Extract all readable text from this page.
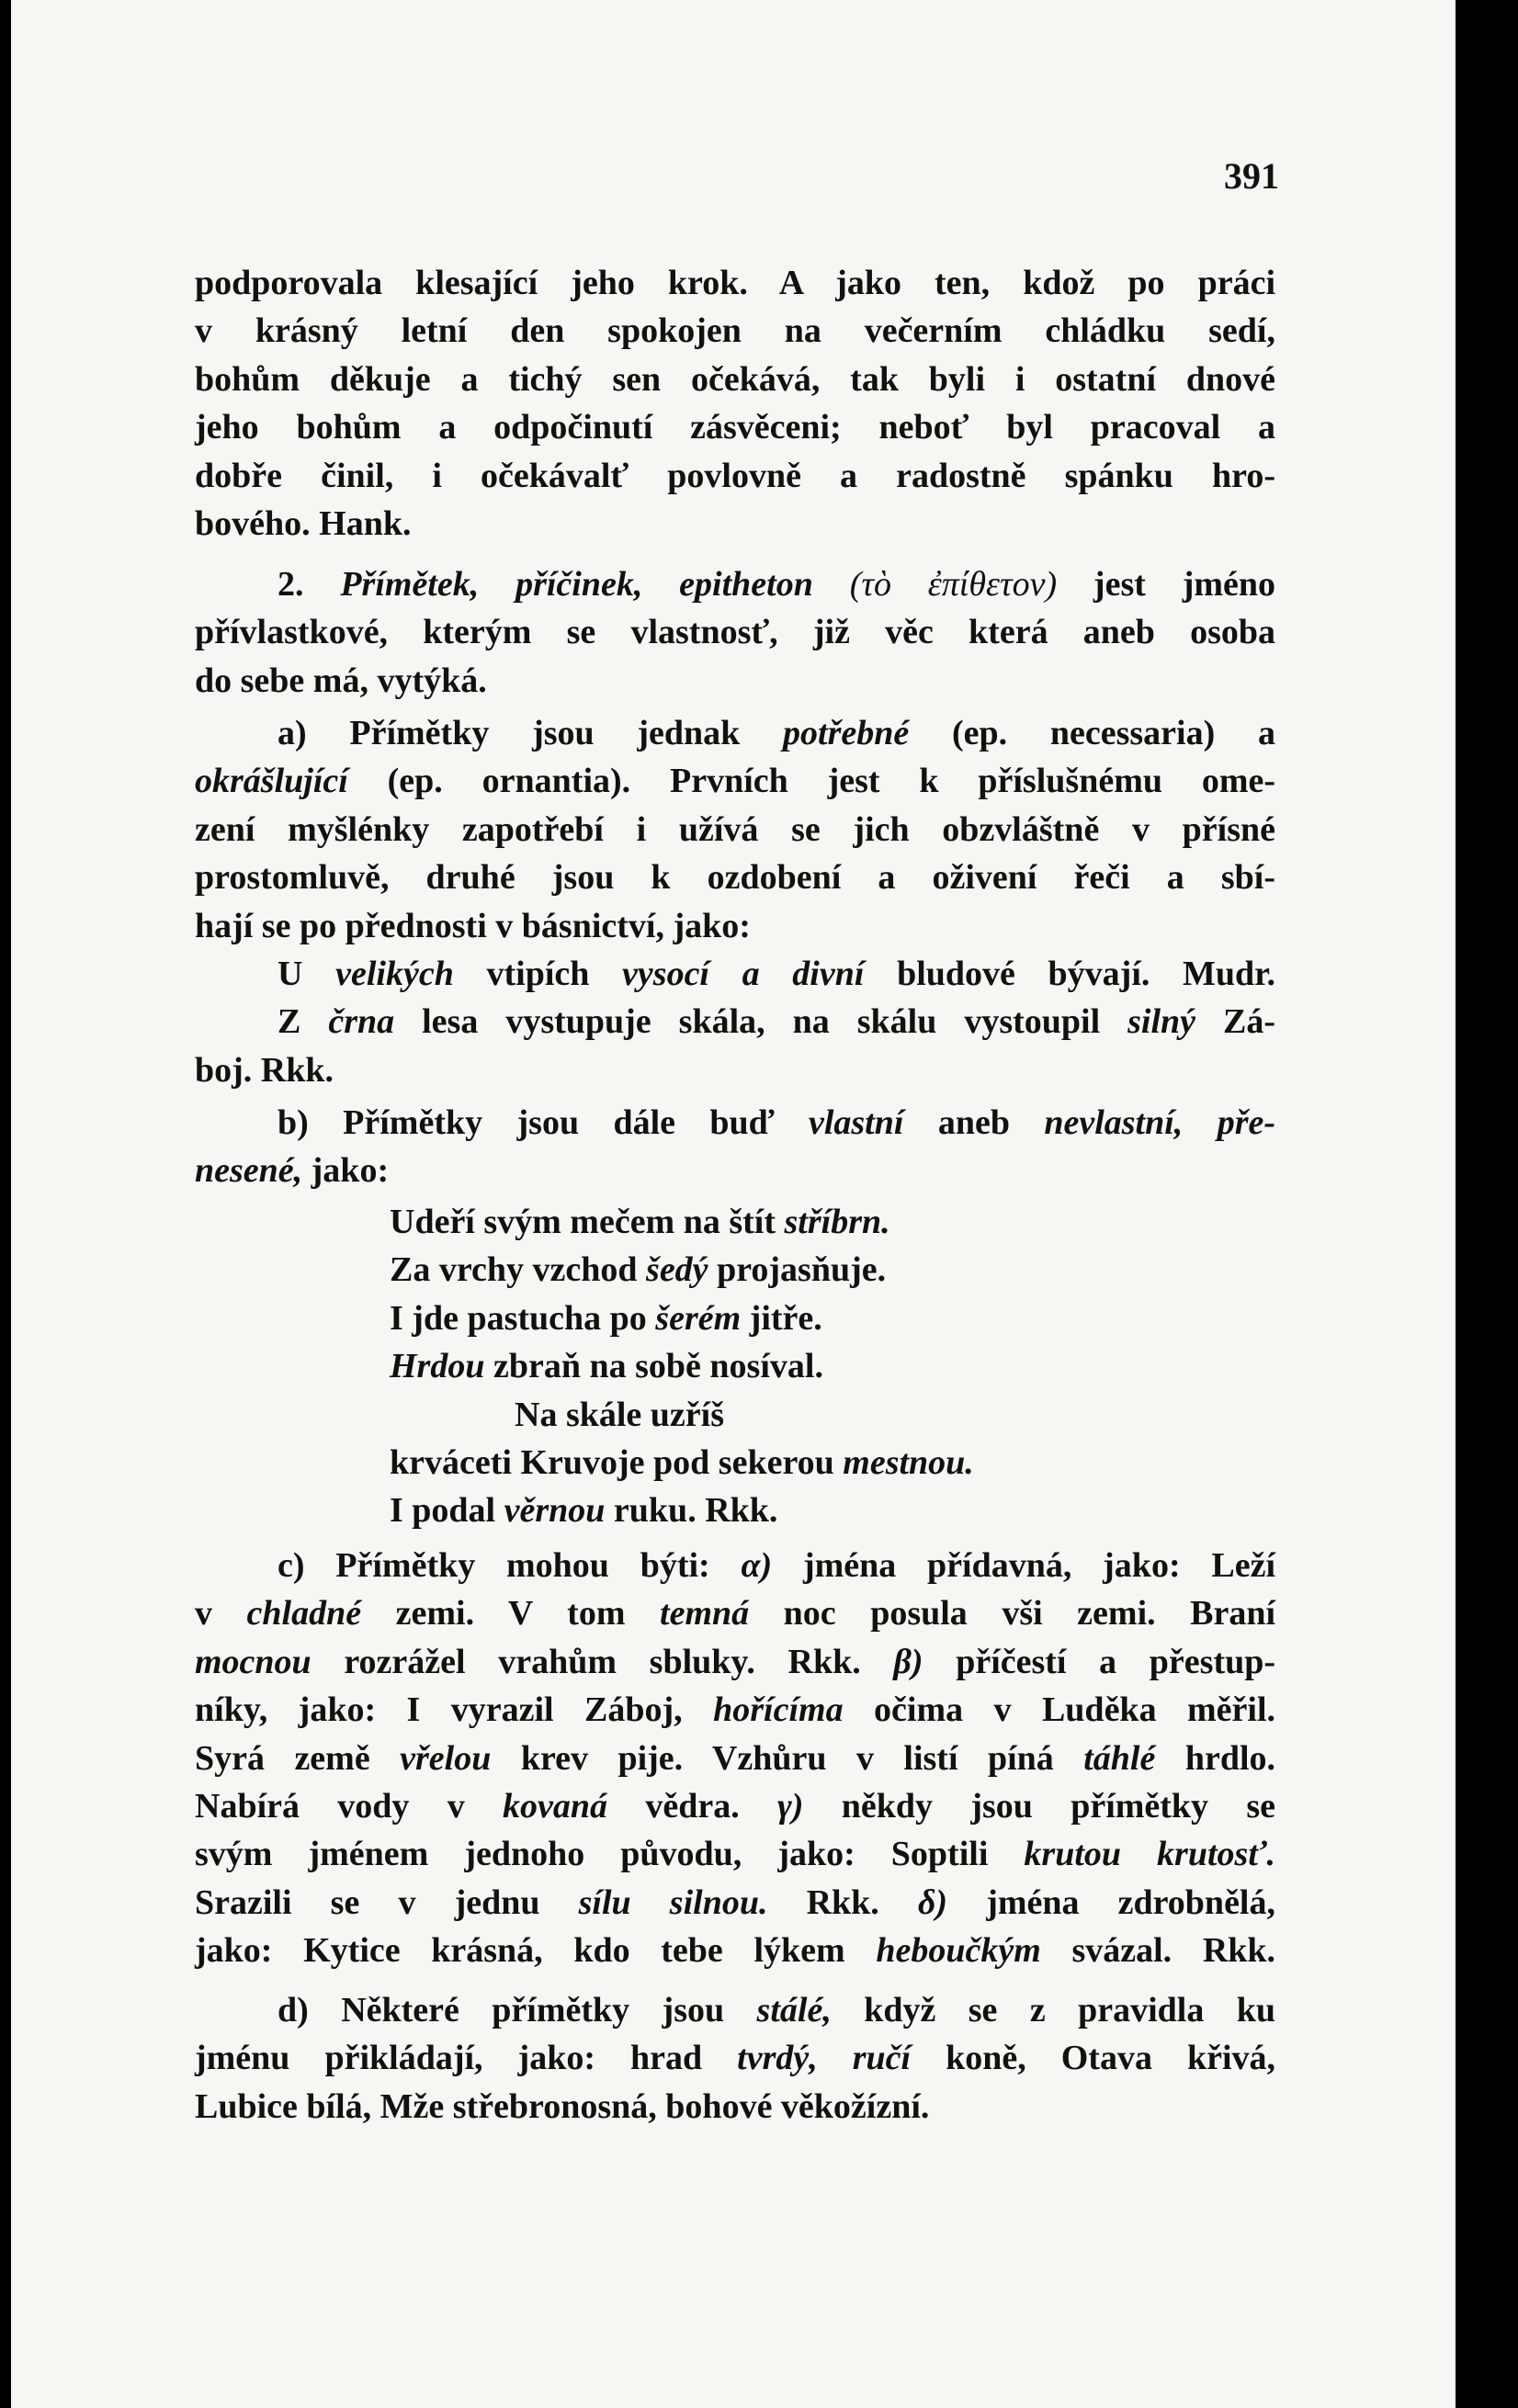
391
podporovala klesající jeho krok. A jako ten, kdož po práci
v krásný letní den spokojen na večerním chládku sedí,
bohům děkuje a tichý sen očekává, tak byli i ostatní dnové
jeho bohům a odpočinutí zásvěceni; neboť byl pracoval a
dobře činil, i očekávalť povlovně a radostně spánku hro-
bového. Hank.
2. Přímětek, příčinek, epitheton (τὸ ἐπίθετον) jest jméno
přívlastkové, kterým se vlastnosť, již věc která aneb osoba
do sebe má, vytýká.
a) Přímětky jsou jednak potřebné (ep. necessaria) a
okrášlující (ep. ornantia). Prvních jest k příslušnému ome-
zení myšlénky zapotřebí i užívá se jich obzvláštně v přísné
prostomluvě, druhé jsou k ozdobení a oživení řeči a sbí-
hají se po přednosti v básnictví, jako:
U velikých vtipích vysocí a divní bludové bývají. Mudr.
Z črna lesa vystupuje skála, na skálu vystoupil silný Zá-
boj. Rkk.
b) Přímětky jsou dále buď vlastní aneb nevlastní, pře-
nesené, jako:
Udeří svým mečem na štít stříbrn.
Za vrchy vzchod šedý projasňuje.
I jde pastucha po šerém jitře.
Hrdou zbraň na sobě nosíval.
Na skále uzříš
krváceti Kruvoje pod sekerou mestnou.
I podal věrnou ruku. Rkk.
c) Přímětky mohou býti: α) jména přídavná, jako: Leží
v chladné zemi. V tom temná noc posula vši zemi. Braní
mocnou rozrážel vrahům sbluky. Rkk. β) příčestí a přestup-
níky, jako: I vyrazil Záboj, hořícíma očima v Luděka měřil.
Syrá země vřelou krev pije. Vzhůru v listí píná táhlé hrdlo.
Nabírá vody v kovaná vědra. γ) někdy jsou přímětky se
svým jménem jednoho původu, jako: Soptili krutou krutosť.
Srazili se v jednu sílu silnou. Rkk. δ) jména zdrobnělá,
jako: Kytice krásná, kdo tebe lýkem heboučkým svázal. Rkk.
d) Některé přímětky jsou stálé, když se z pravidla ku
jménu přikládají, jako: hrad tvrdý, ručí koně, Otava křivá,
Lubice bílá, Mže střebronosná, bohové věkožízní.
